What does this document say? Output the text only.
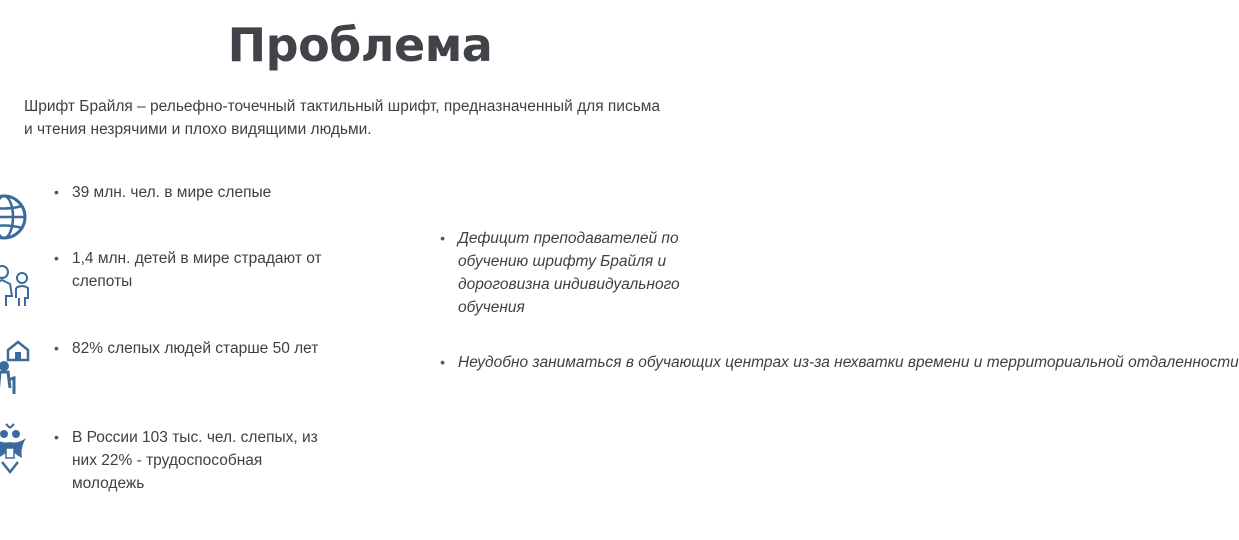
Проблема
Шрифт Брайля – рельефно-точечный тактильный шрифт, предназначенный для письма и чтения незрячими и плохо видящими людьми.
• 39 млн. чел. в мире слепые
• 1,4 млн. детей в мире страдают от слепоты
• 82% слепых людей старше 50 лет
• В России 103 тыс. чел. слепых, из них 22% - трудоспособная молодежь
• Дефицит преподавателей по
обучению шрифту Брайля и
дороговизна индивидуального
обучения
• Неудобно заниматься в обучающих центрах из-за нехватки времени и территориальной отдаленности
